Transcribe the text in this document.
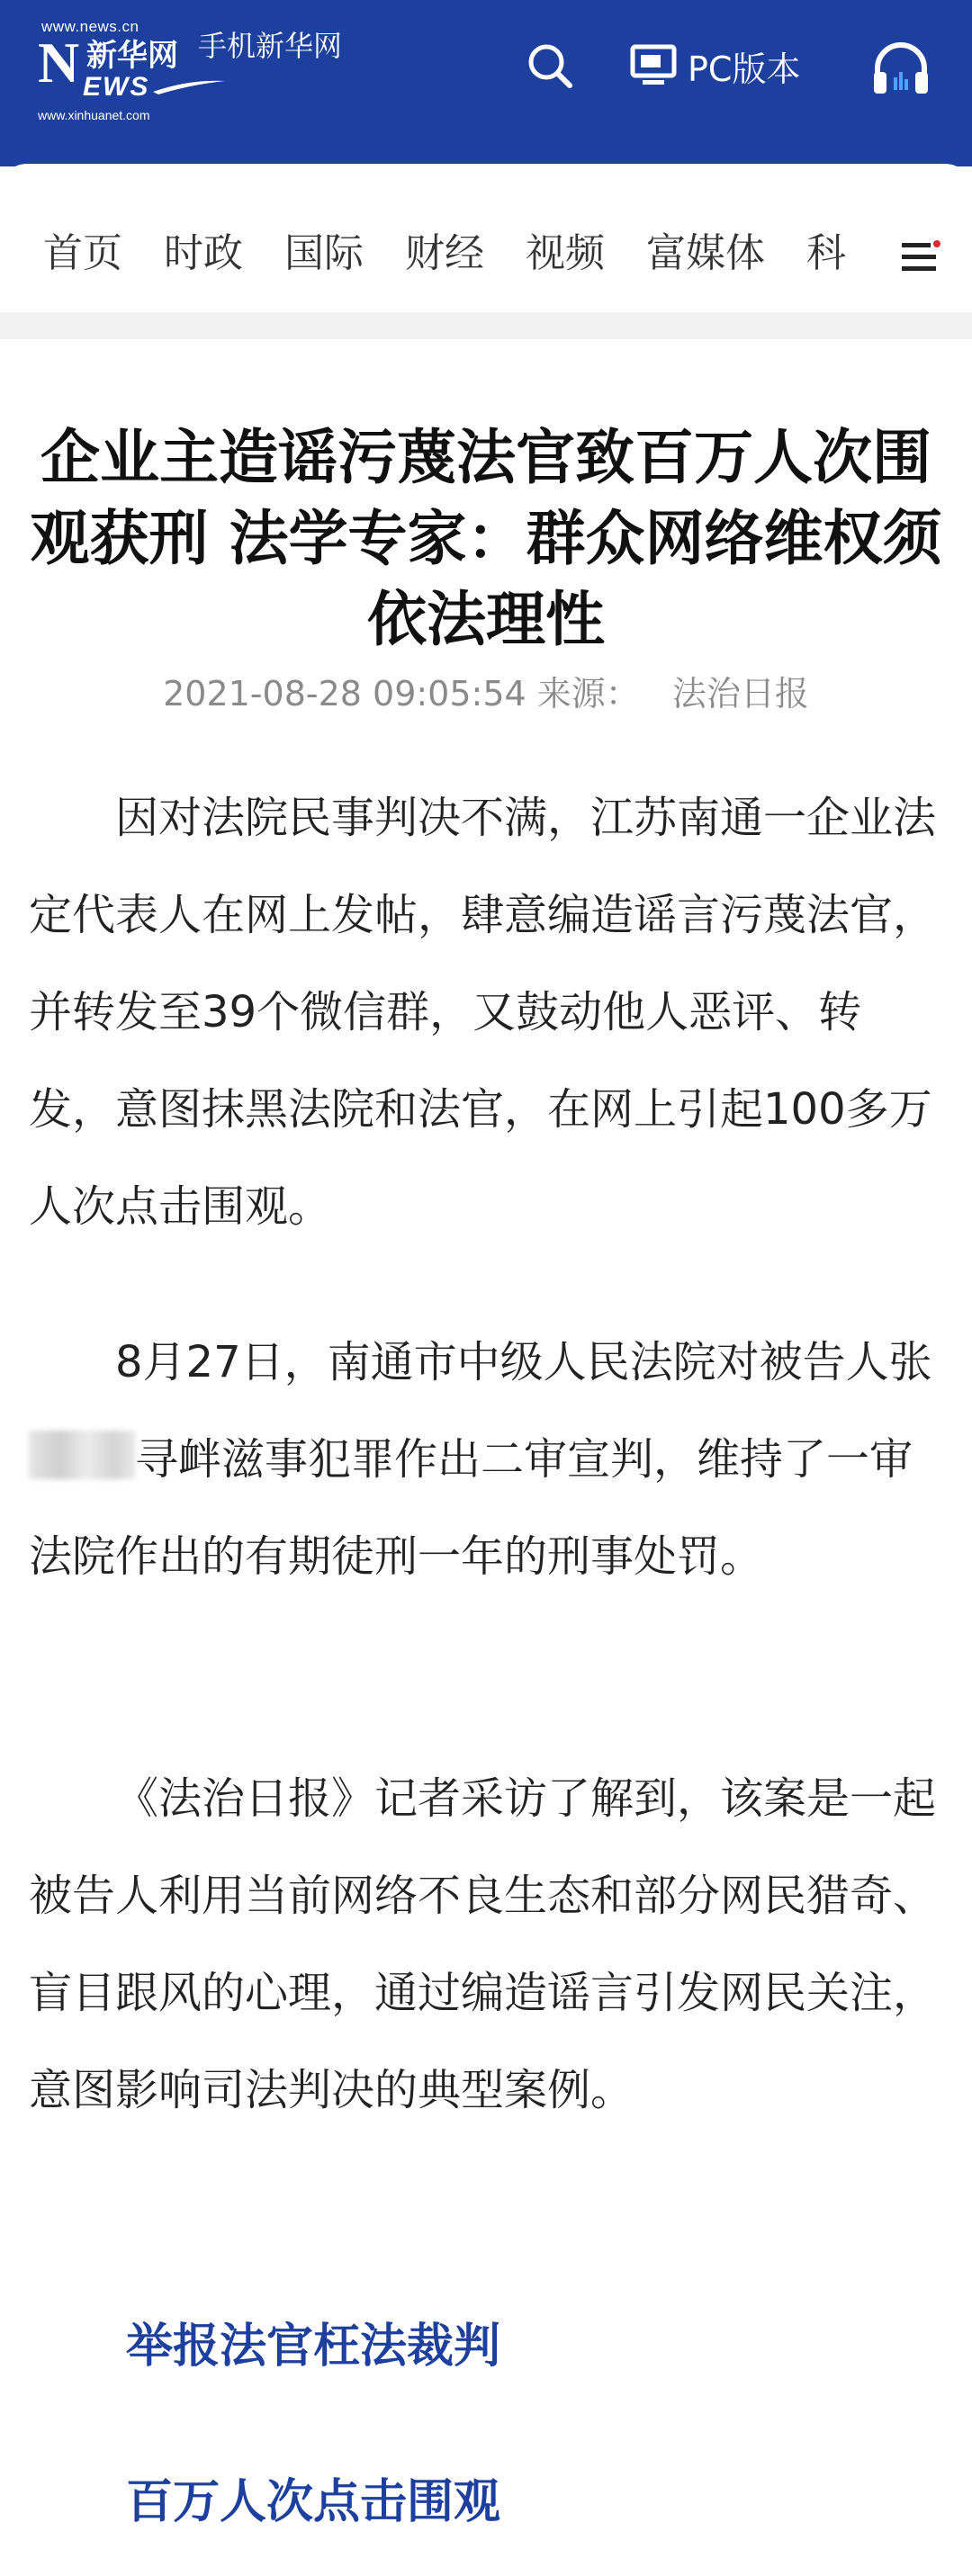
www.news.cn
N 新华网
EWS
www.xinhuanet.com
手机新华网
PC版本
首页 时政 国际 财经 视频 富媒体 科
企业主造谣污蔑法官致百万人次围观获刑 法学专家：群众网络维权须依法理性
2021-08-28 09:05:54 来源： 法治日报

因对法院民事判决不满，江苏南通一企业法定代表人在网上发帖，肆意编造谣言污蔑法官，并转发至39个微信群，又鼓动他人恶评、转发，意图抹黑法院和法官，在网上引起100多万人次点击围观。

8月27日，南通市中级人民法院对被告人张寻衅滋事犯罪作出二审宣判，维持了一审法院作出的有期徒刑一年的刑事处罚。

《法治日报》记者采访了解到，该案是一起被告人利用当前网络不良生态和部分网民猎奇、盲目跟风的心理，通过编造谣言引发网民关注，意图影响司法判决的典型案例。

举报法官枉法裁判
百万人次点击围观
